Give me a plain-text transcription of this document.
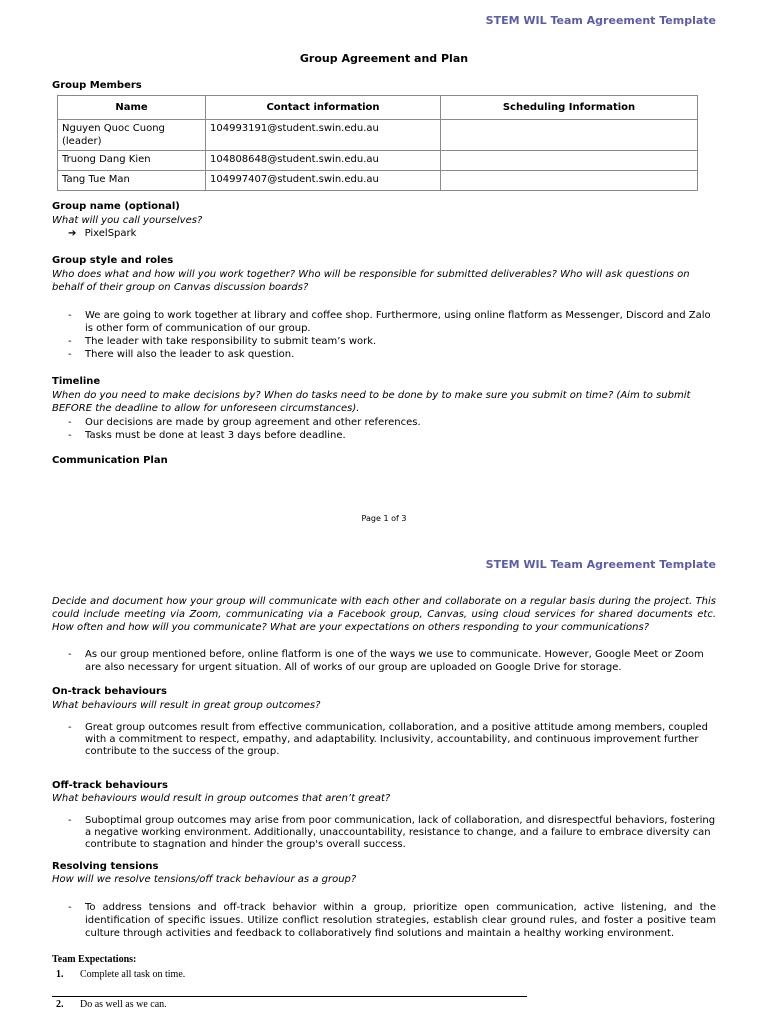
STEM WIL Team Agreement Template
Group Agreement and Plan
Group Members
Name	Contact information	Scheduling Information
Nguyen Quoc Cuong (leader)	104993191@student.swin.edu.au	
Truong Dang Kien	104808648@student.swin.edu.au	
Tang Tue Man	104997407@student.swin.edu.au	
Group name (optional)
What will you call yourselves?
➔ PixelSpark
Group style and roles
Who does what and how will you work together? Who will be responsible for submitted deliverables? Who will ask questions on behalf of their group on Canvas discussion boards?
- We are going to work together at library and coffee shop. Furthermore, using online flatform as Messenger, Discord and Zalo is other form of communication of our group.
- The leader with take responsibility to submit team’s work.
- There will also the leader to ask question.
Timeline
When do you need to make decisions by? When do tasks need to be done by to make sure you submit on time? (Aim to submit BEFORE the deadline to allow for unforeseen circumstances).
- Our decisions are made by group agreement and other references.
- Tasks must be done at least 3 days before deadline.
Communication Plan
Page 1 of 3
STEM WIL Team Agreement Template
Decide and document how your group will communicate with each other and collaborate on a regular basis during the project. This could include meeting via Zoom, communicating via a Facebook group, Canvas, using cloud services for shared documents etc. How often and how will you communicate? What are your expectations on others responding to your communications?
- As our group mentioned before, online flatform is one of the ways we use to communicate. However, Google Meet or Zoom are also necessary for urgent situation. All of works of our group are uploaded on Google Drive for storage.
On-track behaviours
What behaviours will result in great group outcomes?
- Great group outcomes result from effective communication, collaboration, and a positive attitude among members, coupled with a commitment to respect, empathy, and adaptability. Inclusivity, accountability, and continuous improvement further contribute to the success of the group.
Off-track behaviours
What behaviours would result in group outcomes that aren’t great?
- Suboptimal group outcomes may arise from poor communication, lack of collaboration, and disrespectful behaviors, fostering a negative working environment. Additionally, unaccountability, resistance to change, and a failure to embrace diversity can contribute to stagnation and hinder the group's overall success.
Resolving tensions
How will we resolve tensions/off track behaviour as a group?
- To address tensions and off-track behavior within a group, prioritize open communication, active listening, and the identification of specific issues. Utilize conflict resolution strategies, establish clear ground rules, and foster a positive team culture through activities and feedback to collaboratively find solutions and maintain a healthy working environment.
Team Expectations:
1. Complete all task on time.
2. Do as well as we can.
